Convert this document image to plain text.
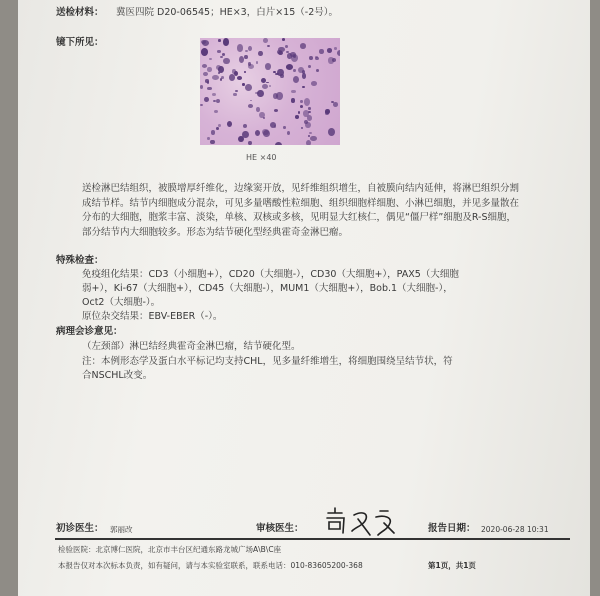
送检材料： 冀医四院 D20-06545；HE×3，白片×15（-2号）。
镜下所见：
HE ×40
送检淋巴结组织，被膜增厚纤维化，边缘窦开放，见纤维组织增生，自被膜向结内延伸，将淋巴组织分割成结节样。结节内细胞成分混杂，可见多量嗜酸性粒细胞、组织细胞样细胞、小淋巴细胞，并见多量散在分布的大细胞，胞浆丰富、淡染，单核、双核或多核，见明显大红核仁，偶见“僵尸样”细胞及R-S细胞，部分结节内大细胞较多。形态为结节硬化型经典霍奇金淋巴瘤。
特殊检查：
免疫组化结果：CD3（小细胞+），CD20（大细胞-），CD30（大细胞+），PAX5（大细胞
弱+），Ki-67（大细胞+），CD45（大细胞-），MUM1（大细胞+），Bob.1（大细胞-），
Oct2（大细胞-）。
原位杂交结果：EBV-EBER（-）。
病理会诊意见：
（左颈部）淋巴结经典霍奇金淋巴瘤，结节硬化型。
注：本例形态学及蛋白水平标记均支持CHL，见多量纤维增生，将细胞围绕呈结节状，符
合NSCHL改变。
初诊医生： 郭丽改	审核医生：	报告日期： 2020-06-28 10:31
检验医院：北京博仁医院，北京市丰台区纪通东路龙城广场A\B\C座
本报告仅对本次标本负责，如有疑问，请与本实验室联系，联系电话：010-83605200-368	第1页，共1页
